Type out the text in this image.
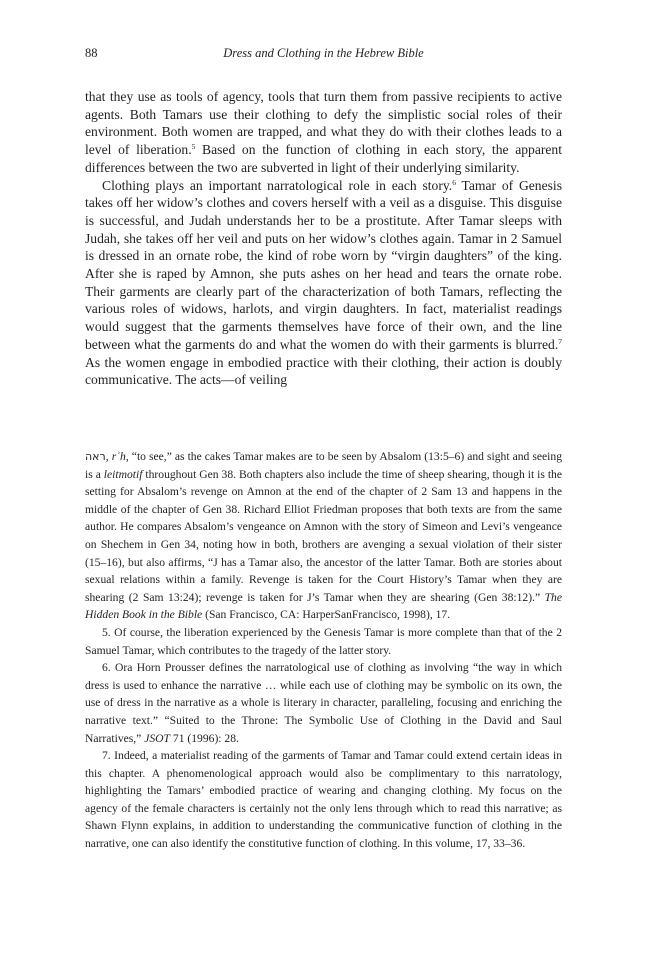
88	Dress and Clothing in the Hebrew Bible

that they use as tools of agency, tools that turn them from passive recipients to active agents. Both Tamars use their clothing to defy the simplistic social roles of their environment. Both women are trapped, and what they do with their clothes leads to a level of liberation.$^5$ Based on the function of clothing in each story, the apparent differences between the two are subverted in light of their underlying similarity.

Clothing plays an important narratological role in each story.$^6$ Tamar of Genesis takes off her widow’s clothes and covers herself with a veil as a disguise. This disguise is successful, and Judah understands her to be a prostitute. After Tamar sleeps with Judah, she takes off her veil and puts on her widow’s clothes again. Tamar in 2 Samuel is dressed in an ornate robe, the kind of robe worn by “virgin daughters” of the king. After she is raped by Amnon, she puts ashes on her head and tears the ornate robe. Their garments are clearly part of the characterization of both Tamars, reflecting the various roles of widows, harlots, and virgin daughters. In fact, materialist readings would suggest that the garments themselves have force of their own, and the line between what the garments do and what the women do with their garments is blurred.$^7$ As the women engage in embodied practice with their clothing, their action is doubly communicative. The acts—of veiling

ראה, rʾh, “to see,” as the cakes Tamar makes are to be seen by Absalom (13:5–6) and sight and seeing is a leitmotif throughout Gen 38. Both chapters also include the time of sheep shearing, though it is the setting for Absalom’s revenge on Amnon at the end of the chapter of 2 Sam 13 and happens in the middle of the chapter of Gen 38. Richard Elliot Friedman proposes that both texts are from the same author. He compares Absalom’s vengeance on Amnon with the story of Simeon and Levi’s vengeance on Shechem in Gen 34, noting how in both, brothers are avenging a sexual violation of their sister (15–16), but also affirms, “J has a Tamar also, the ancestor of the latter Tamar. Both are stories about sexual relations within a family. Revenge is taken for the Court History’s Tamar when they are shearing (2 Sam 13:24); revenge is taken for J’s Tamar when they are shearing (Gen 38:12).” The Hidden Book in the Bible (San Francisco, CA: HarperSanFrancisco, 1998), 17.

5. Of course, the liberation experienced by the Genesis Tamar is more complete than that of the 2 Samuel Tamar, which contributes to the tragedy of the latter story.

6. Ora Horn Prousser defines the narratological use of clothing as involving “the way in which dress is used to enhance the narrative … while each use of clothing may be symbolic on its own, the use of dress in the narrative as a whole is literary in character, paralleling, focusing and enriching the narrative text.” “Suited to the Throne: The Symbolic Use of Clothing in the David and Saul Narratives,” JSOT 71 (1996): 28.

7. Indeed, a materialist reading of the garments of Tamar and Tamar could extend certain ideas in this chapter. A phenomenological approach would also be complimentary to this narratology, highlighting the Tamars’ embodied practice of wearing and changing clothing. My focus on the agency of the female characters is certainly not the only lens through which to read this narrative; as Shawn Flynn explains, in addition to understanding the communicative function of clothing in the narrative, one can also identify the constitutive function of clothing. In this volume, 17, 33–36.
